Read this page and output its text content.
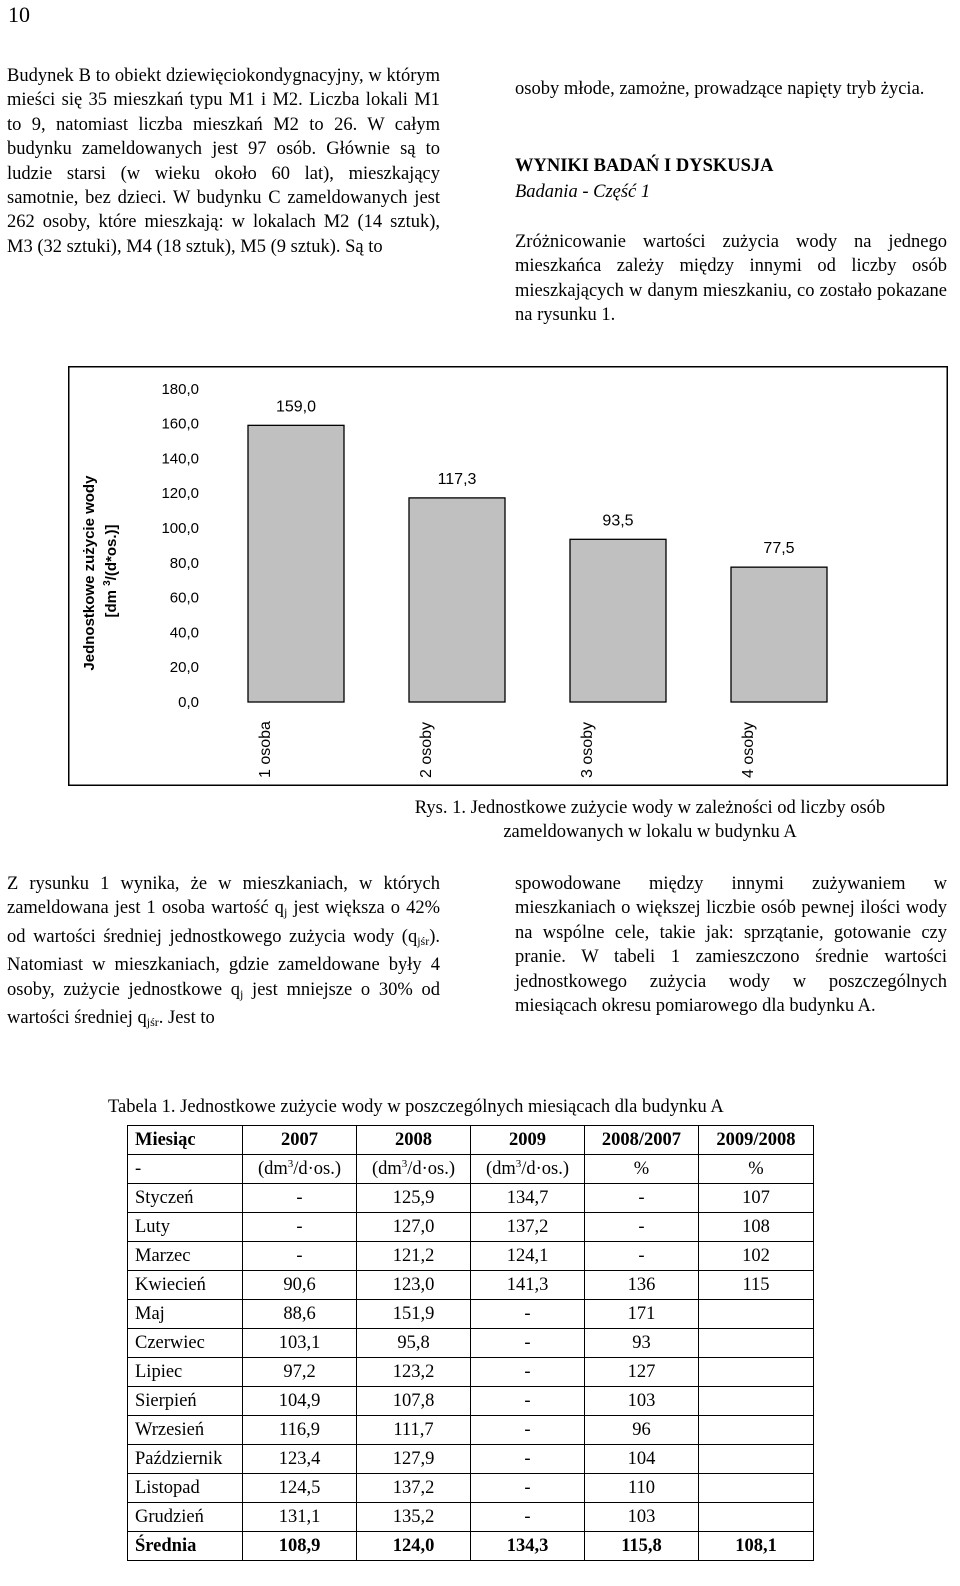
10

Budynek B to obiekt dziewięciokondygnacyjny, w którym mieści się 35 mieszkań typu M1 i M2. Liczba lokali M1 to 9, natomiast liczba mieszkań M2 to 26. W całym budynku zameldowanych jest 97 osób. Głównie są to ludzie starsi (w wieku około 60 lat), mieszkający samotnie, bez dzieci. W budynku C zameldowanych jest 262 osoby, które mieszkają: w lokalach M2 (14 sztuk), M3 (32 sztuki), M4 (18 sztuk), M5 (9 sztuk). Są to

osoby młode, zamożne, prowadzące napięty tryb życia.

WYNIKI BADAŃ I DYSKUSJA
Badania - Część 1

Zróżnicowanie wartości zużycia wody na jednego mieszkańca zależy między innymi od liczby osób mieszkających w danym mieszkaniu, co zostało pokazane na rysunku 1.

Jednostkowe zużycie wody [dm $^3$/(d*os.)]
0,0
20,0
40,0
60,0
80,0
100,0
120,0
140,0
160,0
180,0
159,0
117,3
93,5
77,5
1 osoba	2 osoby	3 osoby	4 osoby
Rys. 1. Jednostkowe zużycie wody w zależności od liczby osób zameldowanych w lokalu w budynku A

Z rysunku 1 wynika, że w mieszkaniach, w których zameldowana jest 1 osoba wartość $q_j$ jest większa o 42% od wartości średniej jednostkowego zużycia wody $(q_{jśr})$. Natomiast w mieszkaniach, gdzie zameldowane były 4 osoby, zużycie jednostkowe $q_j$ jest mniejsze o 30% od wartości średniej $q_{jśr}$. Jest to

spowodowane między innymi zużywaniem w mieszkaniach o większej liczbie osób pewnej ilości wody na wspólne cele, takie jak: sprzątanie, gotowanie czy pranie. W tabeli 1 zamieszczono średnie wartości jednostkowego zużycia wody w poszczególnych miesiącach okresu pomiarowego dla budynku A.

Tabela 1. Jednostkowe zużycie wody w poszczególnych miesiącach dla budynku A
Miesiąc	2007	2008	2009	2008/2007	2009/2008
-	$(dm^3/d\cdot os.)$	$(dm^3/d\cdot os.)$	$(dm^3/d\cdot os.)$	%	%
Styczeń	-	125,9	134,7	-	107
Luty	-	127,0	137,2	-	108
Marzec	-	121,2	124,1	-	102
Kwiecień	90,6	123,0	141,3	136	115
Maj	88,6	151,9	-	171	
Czerwiec	103,1	95,8	-	93	
Lipiec	97,2	123,2	-	127	
Sierpień	104,9	107,8	-	103	
Wrzesień	116,9	111,7	-	96	
Październik	123,4	127,9	-	104	
Listopad	124,5	137,2	-	110	
Grudzień	131,1	135,2	-	103	
Średnia	108,9	124,0	134,3	115,8	108,1
